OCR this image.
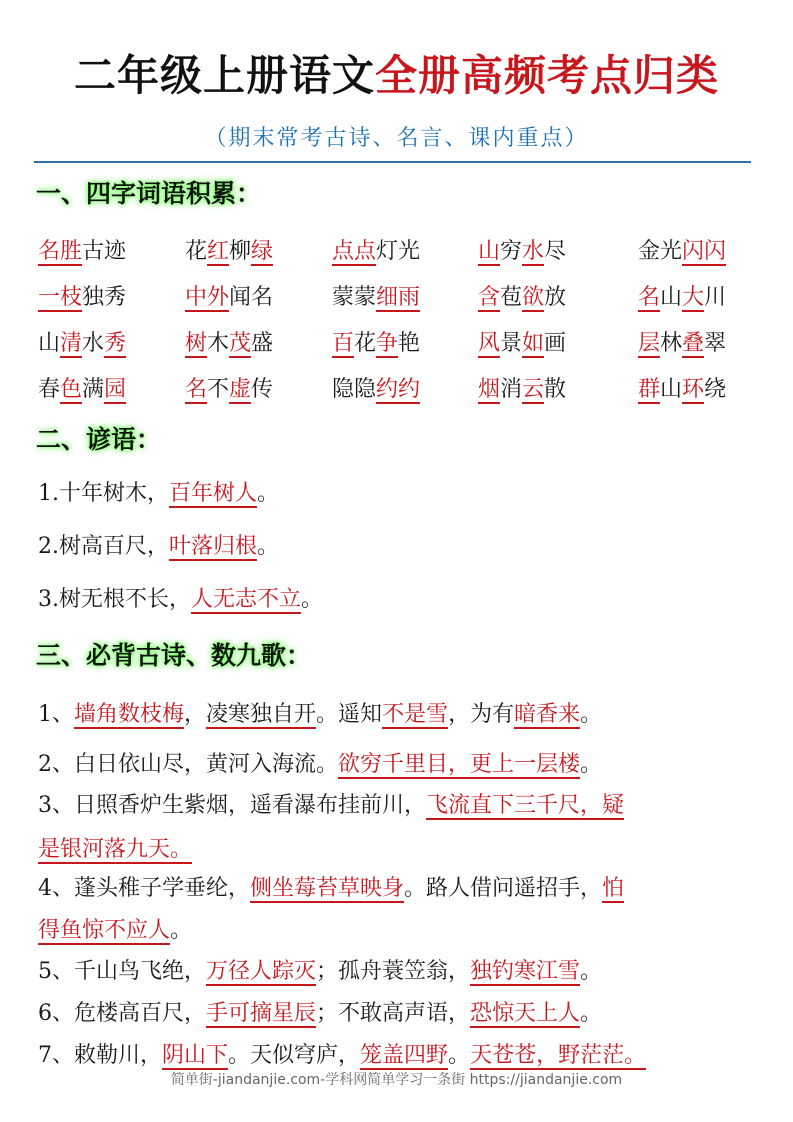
二年级上册语文全册高频考点归类
（期末常考古诗、名言、课内重点）
一、四字词语积累：
名胜古迹	花红柳绿	点点灯光	山穷水尽	金光闪闪
一枝独秀	中外闻名	蒙蒙细雨	含苞欲放	名山大川
山清水秀	树木茂盛	百花争艳	风景如画	层林叠翠
春色满园	名不虚传	隐隐约约	烟消云散	群山环绕
二、谚语：
1.十年树木，百年树人。
2.树高百尺，叶落归根。
3.树无根不长，人无志不立。
三、必背古诗、数九歌：
1、墙角数枝梅，凌寒独自开。遥知不是雪，为有暗香来。
2、白日依山尽，黄河入海流。欲穷千里目，更上一层楼。
3、日照香炉生紫烟，遥看瀑布挂前川，飞流直下三千尺，疑
是银河落九天。
4、蓬头稚子学垂纶，侧坐莓苔草映身。路人借问遥招手，怕
得鱼惊不应人。
5、千山鸟飞绝，万径人踪灭；孤舟蓑笠翁，独钓寒江雪。
6、危楼高百尺，手可摘星辰；不敢高声语，恐惊天上人。
7、敕勒川，阴山下。天似穹庐，笼盖四野。天苍苍，野茫茫。
简单街-jiandanjie.com-学科网简单学习一条街 https://jiandanjie.com
